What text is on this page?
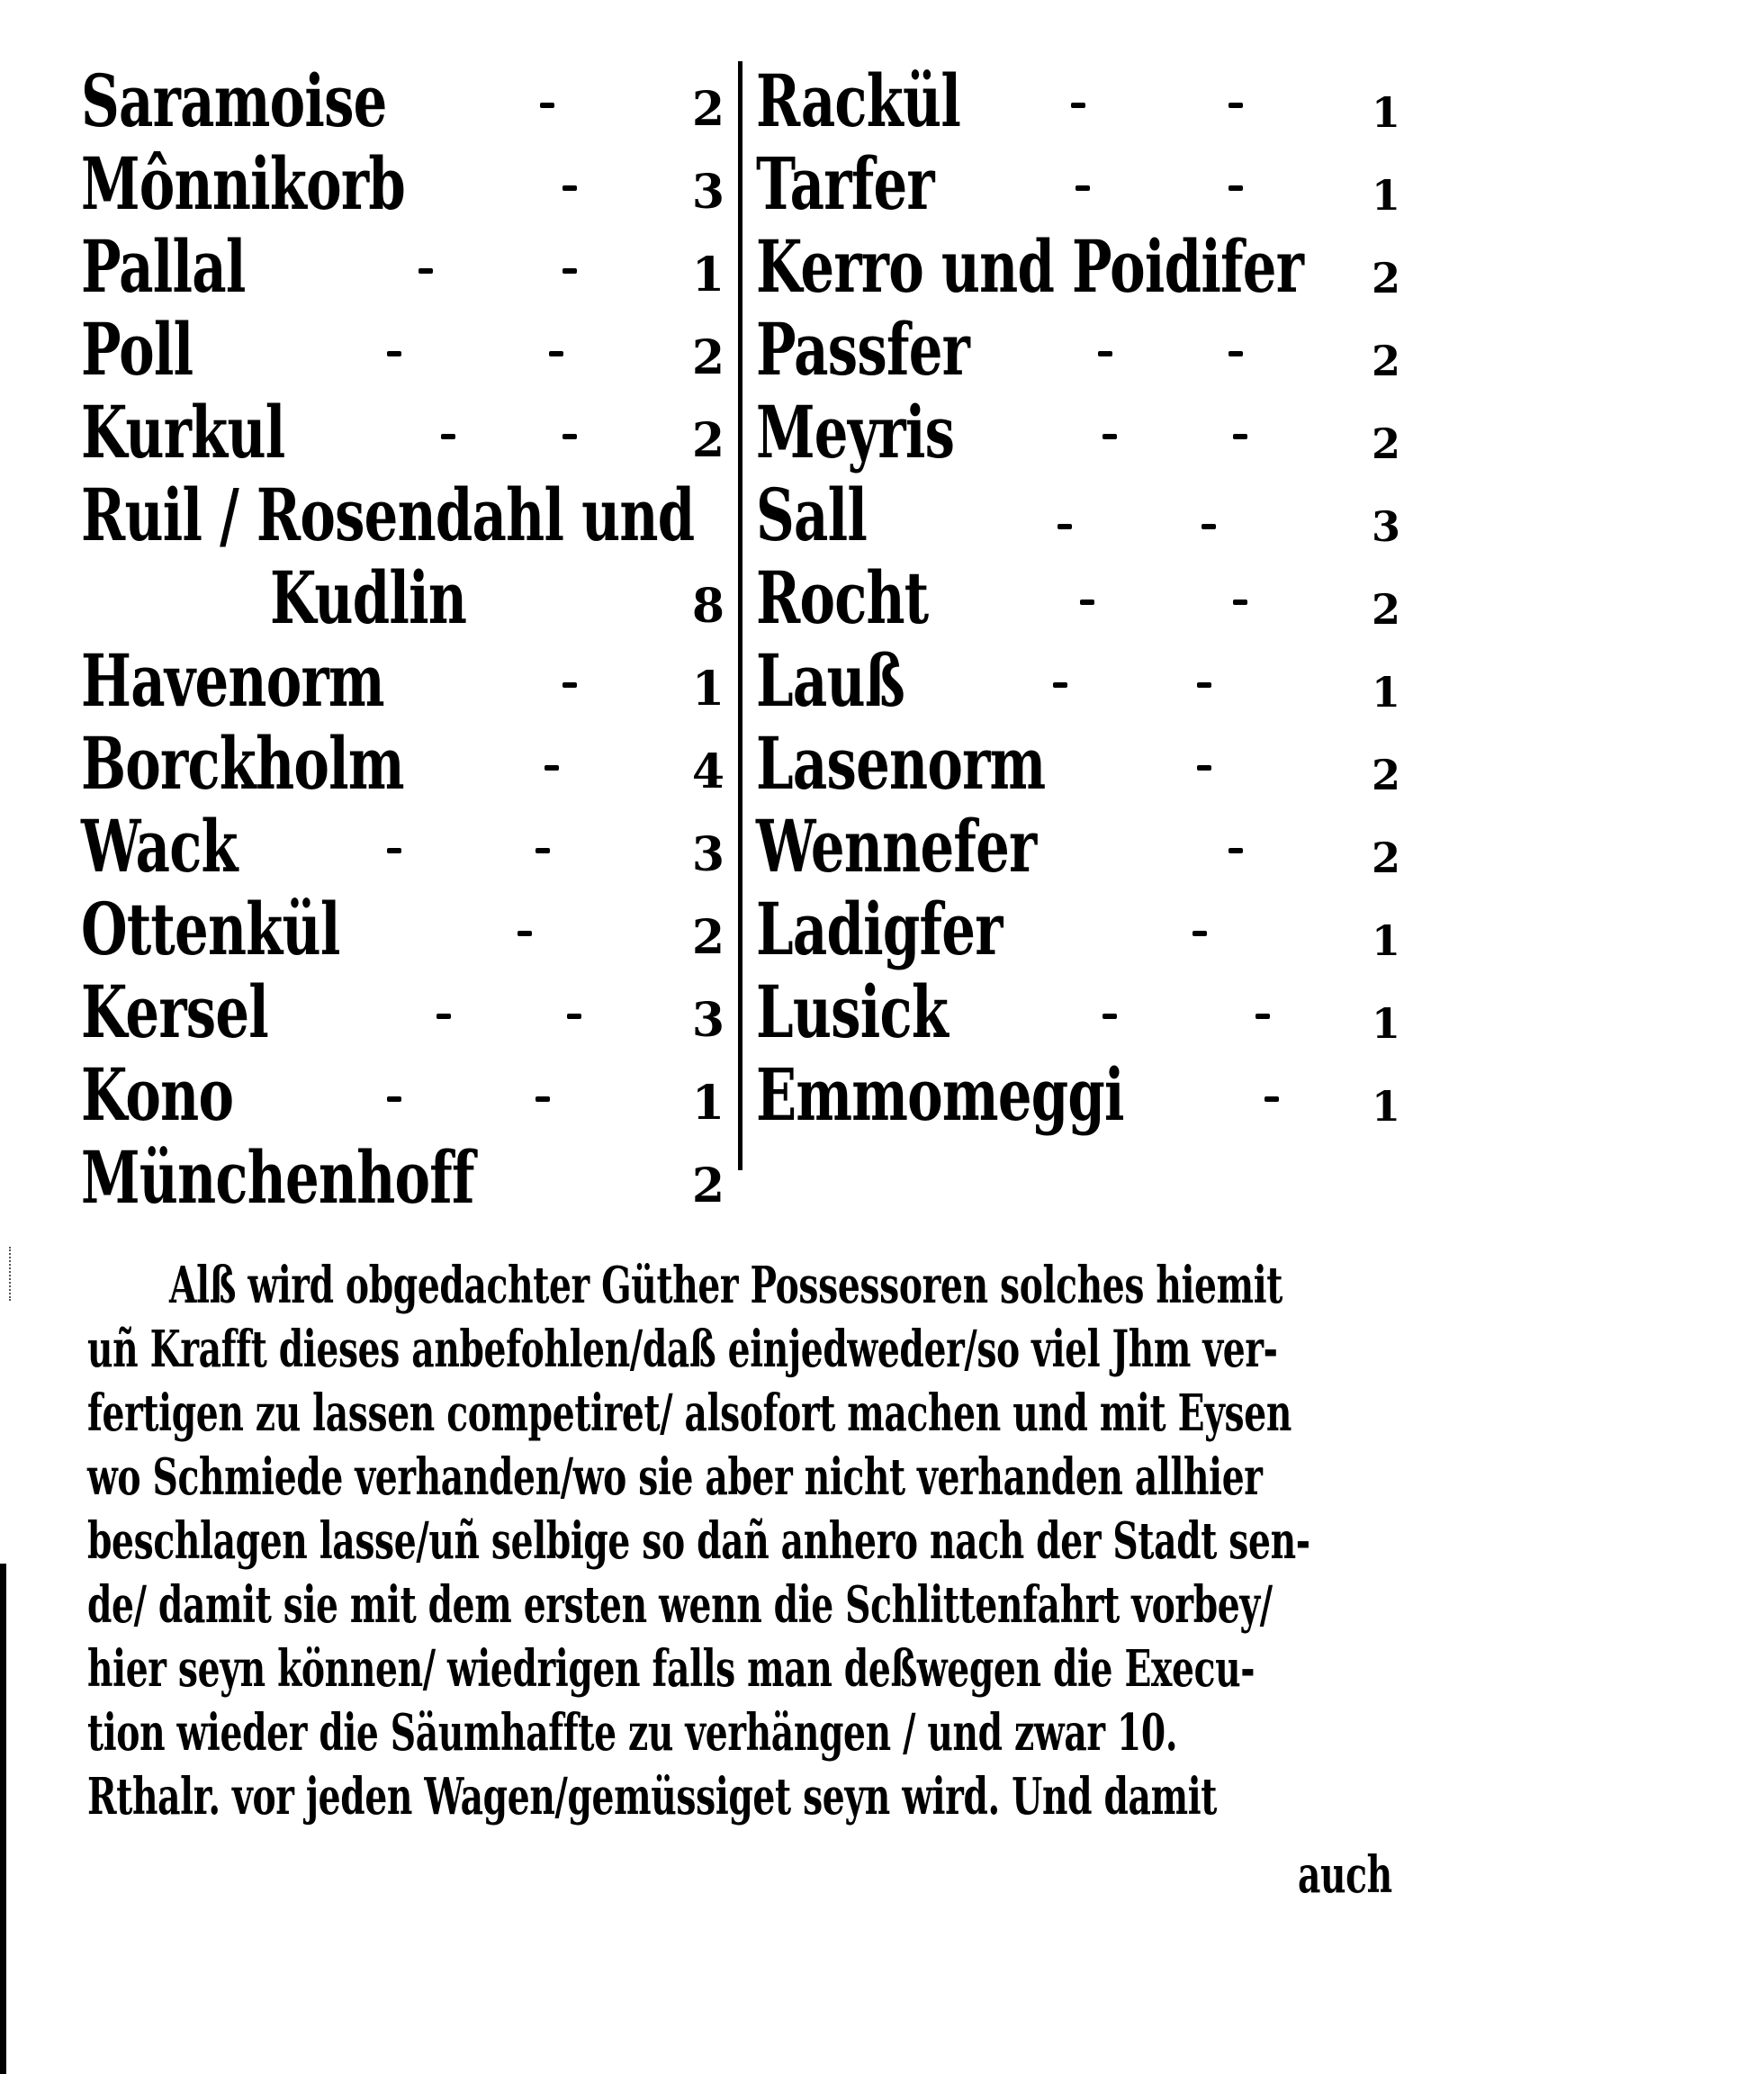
Saramoise	2
Mônnikorb	3
Pallal	1
Poll	2
Kurkul	2
Ruil / Rosendahl und
Kudlin	8
Havenorm	1
Borckholm	4
Wack	3
Ottenkül	2
Kersel	3
Kono	1
Münchenhoff	2
Rackül	1
Tarfer	1
Kerro und Poidifer 2
Passfer	2
Meyris	2
Sall	3
Rocht	2
Lauß	1
Lasenorm	2
Wennefer	2
Ladigfer	1
Lusick	1
Emmomeggi	1
Alß wird obgedachter Güther Possessoren solches hiemit
uñ Krafft dieses anbefohlen/daß einjedweder/so viel Jhm ver-
fertigen zu lassen competiret/ alsofort machen und mit Eysen
wo Schmiede verhanden/wo sie aber nicht verhanden allhier
beschlagen lasse/uñ selbige so dañ anhero nach der Stadt sen-
de/ damit sie mit dem ersten wenn die Schlittenfahrt vorbey/
hier seyn können/ wiedrigen falls man deßwegen die Execu-
tion wieder die Säumhaffte zu verhängen / und zwar 10.
Rthalr. vor jeden Wagen/gemüssiget seyn wird. Und damit
auch
